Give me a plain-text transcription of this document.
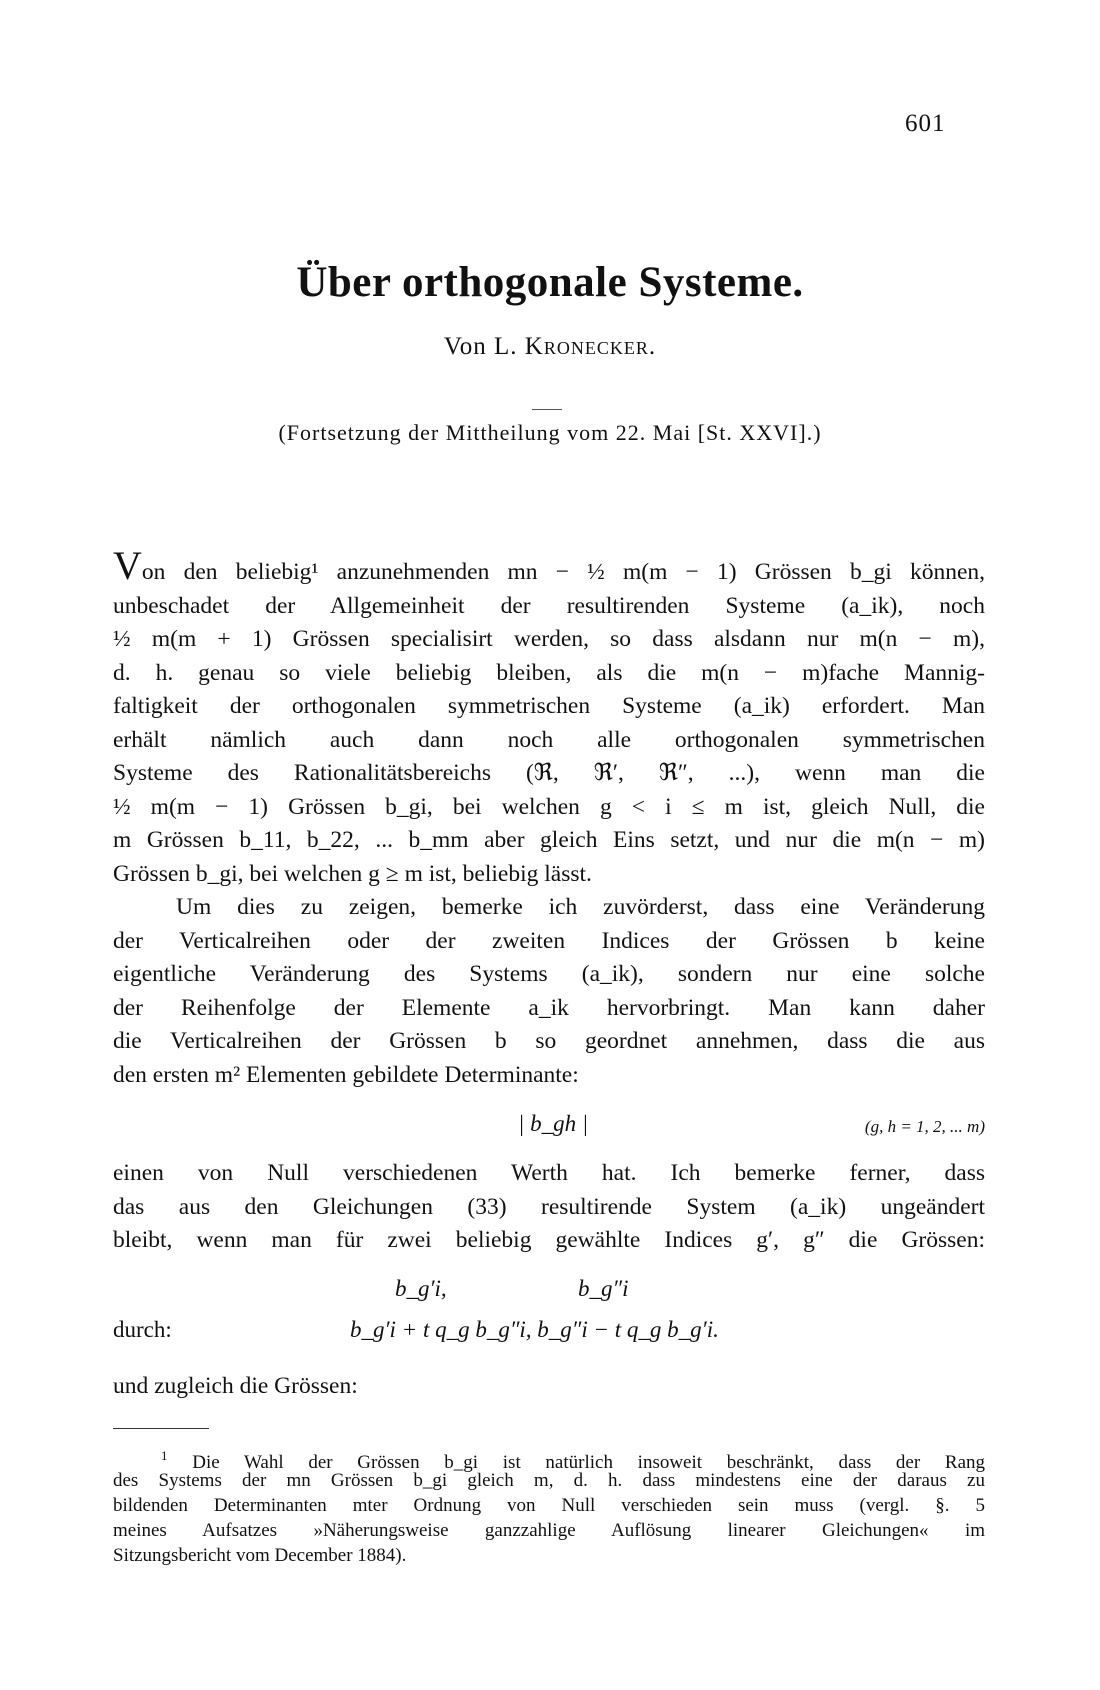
601
Über orthogonale Systeme.
Von L. Kronecker.
(Fortsetzung der Mittheilung vom 22. Mai [St. XXVI].)
Von den beliebig¹ anzunehmenden mn − ½ m(m − 1) Grössen b_gi können,
unbeschadet der Allgemeinheit der resultirenden Systeme (a_ik), noch
½ m(m + 1) Grössen specialisirt werden, so dass alsdann nur m(n − m),
d. h. genau so viele beliebig bleiben, als die m(n − m)fache Mannig-
faltigkeit der orthogonalen symmetrischen Systeme (a_ik) erfordert. Man
erhält nämlich auch dann noch alle orthogonalen symmetrischen
Systeme des Rationalitätsbereichs (ℜ, ℜ′, ℜ″, ...), wenn man die
½ m(m − 1) Grössen b_gi, bei welchen g < i ≤ m ist, gleich Null, die
m Grössen b_11, b_22, ... b_mm aber gleich Eins setzt, und nur die m(n − m)
Grössen b_gi, bei welchen g ≥ m ist, beliebig lässt.
Um dies zu zeigen, bemerke ich zuvörderst, dass eine Veränderung
der Verticalreihen oder der zweiten Indices der Grössen b keine
eigentliche Veränderung des Systems (a_ik), sondern nur eine solche
der Reihenfolge der Elemente a_ik hervorbringt. Man kann daher
die Verticalreihen der Grössen b so geordnet annehmen, dass die aus
den ersten m² Elementen gebildete Determinante:
| b_gh |	(g, h = 1, 2, ... m)
einen von Null verschiedenen Werth hat. Ich bemerke ferner, dass
das aus den Gleichungen (33) resultirende System (a_ik) ungeändert
bleibt, wenn man für zwei beliebig gewählte Indices g′, g″ die Grössen:
b_g′i,	b_g″i
durch:	b_g′i + t q_g b_g″i, b_g″i − t q_g b_g′i.
und zugleich die Grössen:
$^1$ Die Wahl der Grössen b_gi ist natürlich insoweit beschränkt, dass der Rang
des Systems der mn Grössen b_gi gleich m, d. h. dass mindestens eine der daraus zu
bildenden Determinanten mter Ordnung von Null verschieden sein muss (vergl. §. 5
meines Aufsatzes »Näherungsweise ganzzahlige Auflösung linearer Gleichungen« im
Sitzungsbericht vom December 1884).
